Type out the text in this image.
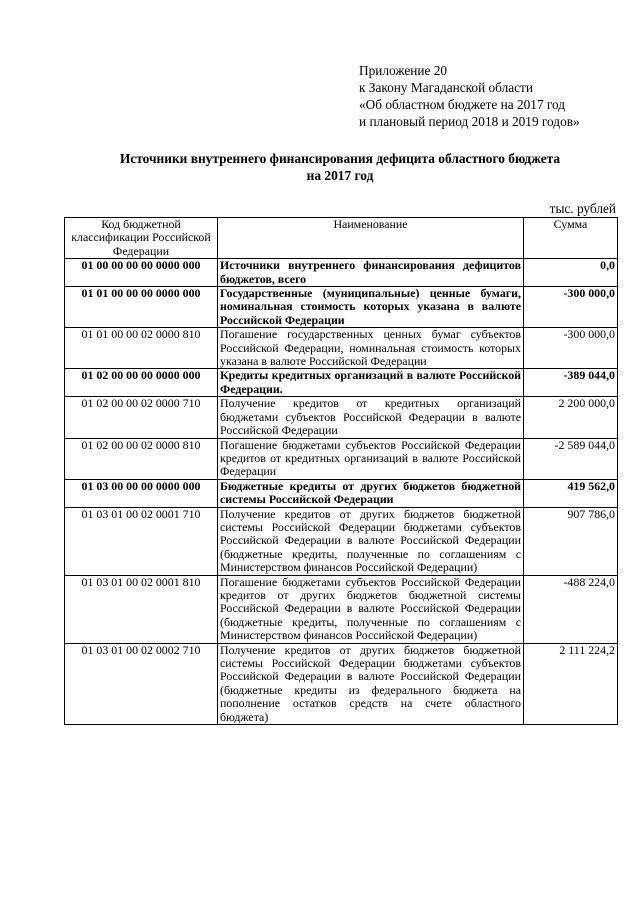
Приложение 20
к Закону Магаданской области
«Об областном бюджете на 2017 год
и плановый период 2018 и 2019 годов»
Источники внутреннего финансирования дефицита областного бюджета
на 2017 год
тыс. рублей
Код бюджетной классификации Российской Федерации	Наименование	Сумма
01 00 00 00 00 0000 000	Источники внутреннего финансирования дефицитов бюджетов, всего	0,0
01 01 00 00 00 0000 000	Государственные (муниципальные) ценные бумаги, номинальная стоимость которых указана в валюте Российской Федерации	-300 000,0
01 01 00 00 02 0000 810	Погашение государственных ценных бумаг субъектов Российской Федерации, номинальная стоимость которых указана в валюте Российской Федерации	-300 000,0
01 02 00 00 00 0000 000	Кредиты кредитных организаций в валюте Российской Федерации.	-389 044,0
01 02 00 00 02 0000 710	Получение кредитов от кредитных организаций бюджетами субъектов Российской Федерации в валюте Российской Федерации	2 200 000,0
01 02 00 00 02 0000 810	Погашение бюджетами субъектов Российской Федерации кредитов от кредитных организаций в валюте Российской Федерации	-2 589 044,0
01 03 00 00 00 0000 000	Бюджетные кредиты от других бюджетов бюджетной системы Российской Федерации	419 562,0
01 03 01 00 02 0001 710	Получение кредитов от других бюджетов бюджетной системы Российской Федерации бюджетами субъектов Российской Федерации в валюте Российской Федерации (бюджетные кредиты, полученные по соглашениям с Министерством финансов Российской Федерации)	907 786,0
01 03 01 00 02 0001 810	Погашение бюджетами субъектов Российской Федерации кредитов от других бюджетов бюджетной системы Российской Федерации в валюте Российской Федерации (бюджетные кредиты, полученные по соглашениям с Министерством финансов Российской Федерации)	-488 224,0
01 03 01 00 02 0002 710	Получение кредитов от других бюджетов бюджетной системы Российской Федерации бюджетами субъектов Российской Федерации в валюте Российской Федерации (бюджетные кредиты из федерального бюджета на пополнение остатков средств на счете областного бюджета)	2 111 224,2
